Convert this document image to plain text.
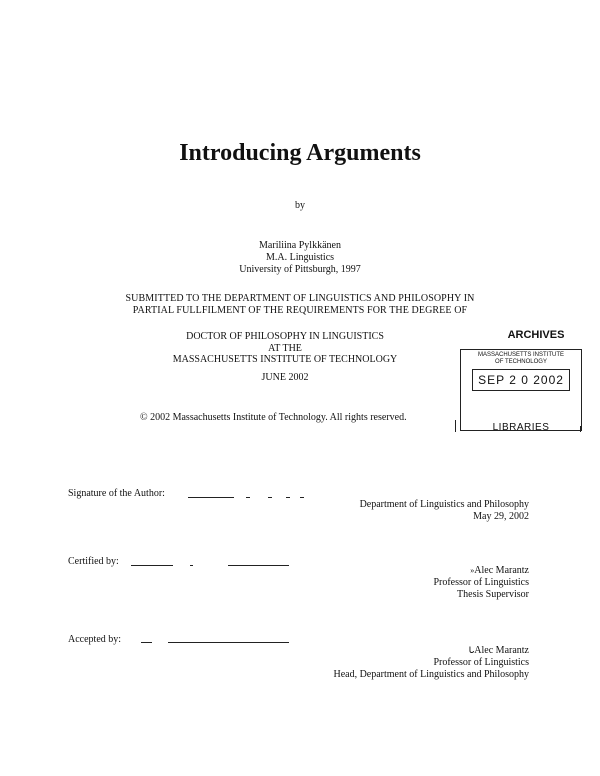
Introducing Arguments
by
Mariliina Pylkkänen
M.A. Linguistics
University of Pittsburgh, 1997
SUBMITTED TO THE DEPARTMENT OF LINGUISTICS AND PHILOSOPHY IN
PARTIAL FULLFILMENT OF THE REQUIREMENTS FOR THE DEGREE OF
DOCTOR OF PHILOSOPHY IN LINGUISTICS
AT THE
MASSACHUSETTS INSTITUTE OF TECHNOLOGY
JUNE 2002
© 2002 Massachusetts Institute of Technology. All rights reserved.
ARCHIVES
MASSACHUSETTS INSTITUTE
OF TECHNOLOGY
SEP 2 0 2002
LIBRARIES
Signature of the Author:
Department of Linguistics and Philosophy
May 29, 2002
Certified by:
»Alec Marantz
Professor of Linguistics
Thesis Supervisor
Accepted by:
ᒐAlec Marantz
Professor of Linguistics
Head, Department of Linguistics and Philosophy
